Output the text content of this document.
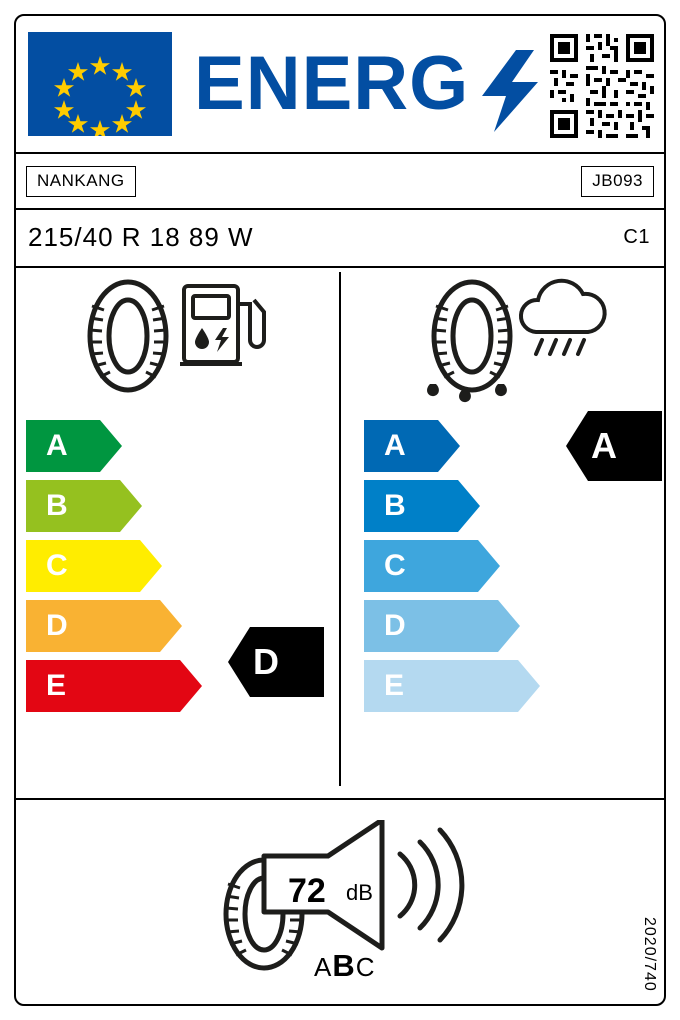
ENERG
NANKANG	JB093
215/40 R 18 89 W	C1
A
B
C
D
E
A
B
C
D
E
D
A
72 dB
ABC	2020/740
